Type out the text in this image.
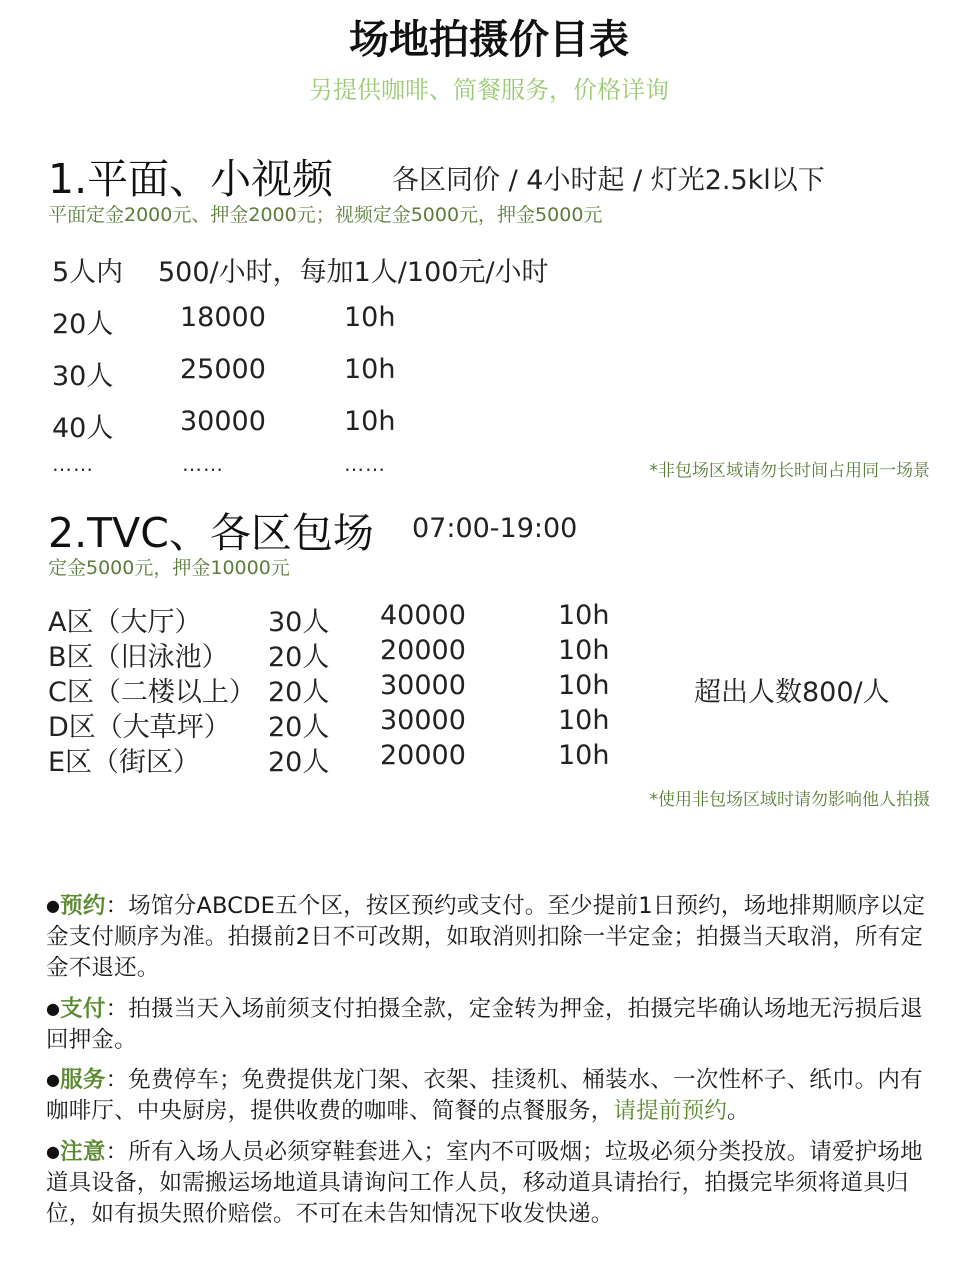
场地拍摄价目表
另提供咖啡、简餐服务，价格详询
1.平面、小视频 各区同价 / 4小时起 / 灯光2.5kl以下
平面定金2000元、押金2000元；视频定金5000元，押金5000元
5人内 500/小时，每加1人/100元/小时
20人 18000	10h
30人 25000	10h
40人 30000	10h
……	……	……	*非包场区域请勿长时间占用同一场景
2.TVC、各区包场 07:00-19:00
定金5000元，押金10000元
A区（大厅） 30人 40000	10h
B区（旧泳池） 20人 20000	10h
C区（二楼以上） 20人 30000	10h
D区（大草坪） 20人 30000	10h
E区（街区）	20人 20000	10h
超出人数800/人
*使用非包场区域时请勿影响他人拍摄
●预约：场馆分ABCDE五个区，按区预约或支付。至少提前1日预约，场地排期顺序以定金支付顺序为准。拍摄前2日不可改期，如取消则扣除一半定金；拍摄当天取消，所有定金不退还。
●支付：拍摄当天入场前须支付拍摄全款，定金转为押金，拍摄完毕确认场地无污损后退回押金。
●服务：免费停车；免费提供龙门架、衣架、挂烫机、桶装水、一次性杯子、纸巾。内有咖啡厅、中央厨房，提供收费的咖啡、简餐的点餐服务，请提前预约。
●注意：所有入场人员必须穿鞋套进入；室内不可吸烟；垃圾必须分类投放。请爱护场地道具设备，如需搬运场地道具请询问工作人员，移动道具请抬行，拍摄完毕须将道具归位，如有损失照价赔偿。不可在未告知情况下收发快递。
